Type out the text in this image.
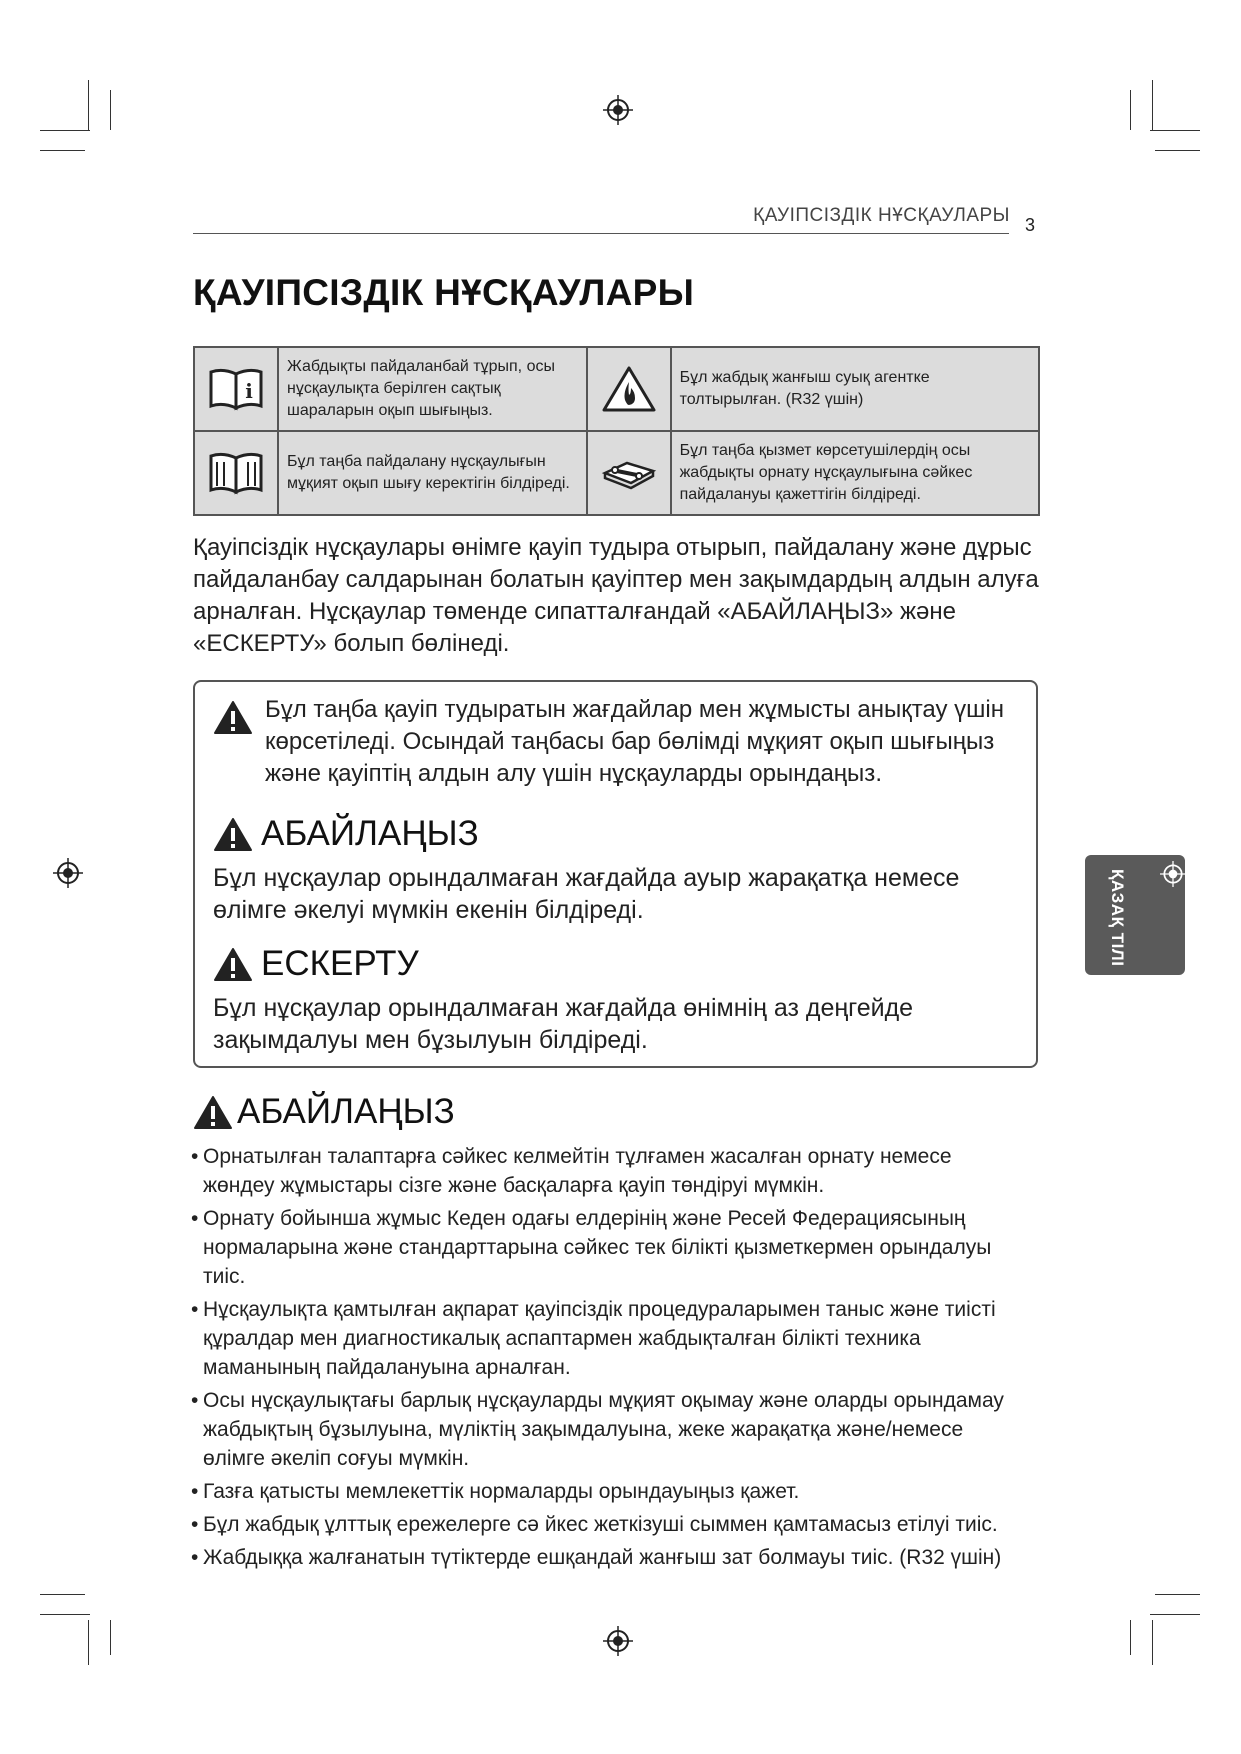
ҚАУІПСІЗДІК НҰСҚАУЛАРЫ 3
ҚАУІПСІЗДІК НҰСҚАУЛАРЫ
i	Жабдықты пайдаланбай тұрып, осы нұсқаулықта берілген сақтық шараларын оқып шығыңыз.		Бұл жабдық жанғыш суық агентке толтырылған. (R32 үшін)
	Бұл таңба пайдалану нұсқаулығын мұқият оқып шығу керектігін білдіреді.		Бұл таңба қызмет көрсетушілердің осы жабдықты орнату нұсқаулығына сәйкес пайдалануы қажеттігін білдіреді.
Қауіпсіздік нұсқаулары өнімге қауіп тудыра отырып, пайдалану және дұрыс пайдаланбау салдарынан болатын қауіптер мен зақымдардың алдын алуға арналған. Нұсқаулар төменде сипатталғандай «АБАЙЛАҢЫЗ» және «ЕСКЕРТУ» болып бөлінеді.
Бұл таңба қауіп тудыратын жағдайлар мен жұмысты анықтау үшін көрсетіледі. Осындай таңбасы бар бөлімді мұқият оқып шығыңыз және қауіптің алдын алу үшін нұсқауларды орындаңыз.
АБАЙЛАҢЫЗ
Бұл нұсқаулар орындалмаған жағдайда ауыр жарақатқа немесе өлімге әкелуі мүмкін екенін білдіреді.
ЕСКЕРТУ
Бұл нұсқаулар орындалмаған жағдайда өнімнің аз деңгейде зақымдалуы мен бұзылуын білдіреді.
АБАЙЛАҢЫЗ
• Орнатылған талаптарға сәйкес келмейтін тұлғамен жасалған орнату немесе жөндеу жұмыстары сізге және басқаларға қауіп төндіруі мүмкін.
• Орнату бойынша жұмыс Кеден одағы елдерінің және Ресей Федерациясының нормаларына және стандарттарына сәйкес тек білікті қызметкермен орындалуы тиіс.
• Нұсқаулықта қамтылған ақпарат қауіпсіздік процедураларымен таныс және тиісті құралдар мен диагностикалық аспаптармен жабдықталған білікті техника маманының пайдалануына арналған.
• Осы нұсқаулықтағы барлық нұсқауларды мұқият оқымау және оларды орындамау жабдықтың бұзылуына, мүліктің зақымдалуына, жеке жарақатқа және/немесе өлімге әкеліп соғуы мүмкін.
• Газға қатысты мемлекеттік нормаларды орындауыңыз қажет.
• Бұл жабдық ұлттық ережелерге сә йкес жеткізуші сыммен қамтамасыз етілуі тиіс.
• Жабдыққа жалғанатын түтіктерде ешқандай жанғыш зат болмауы тиіс. (R32 үшін)
ҚАЗАҚ ТІЛІ
